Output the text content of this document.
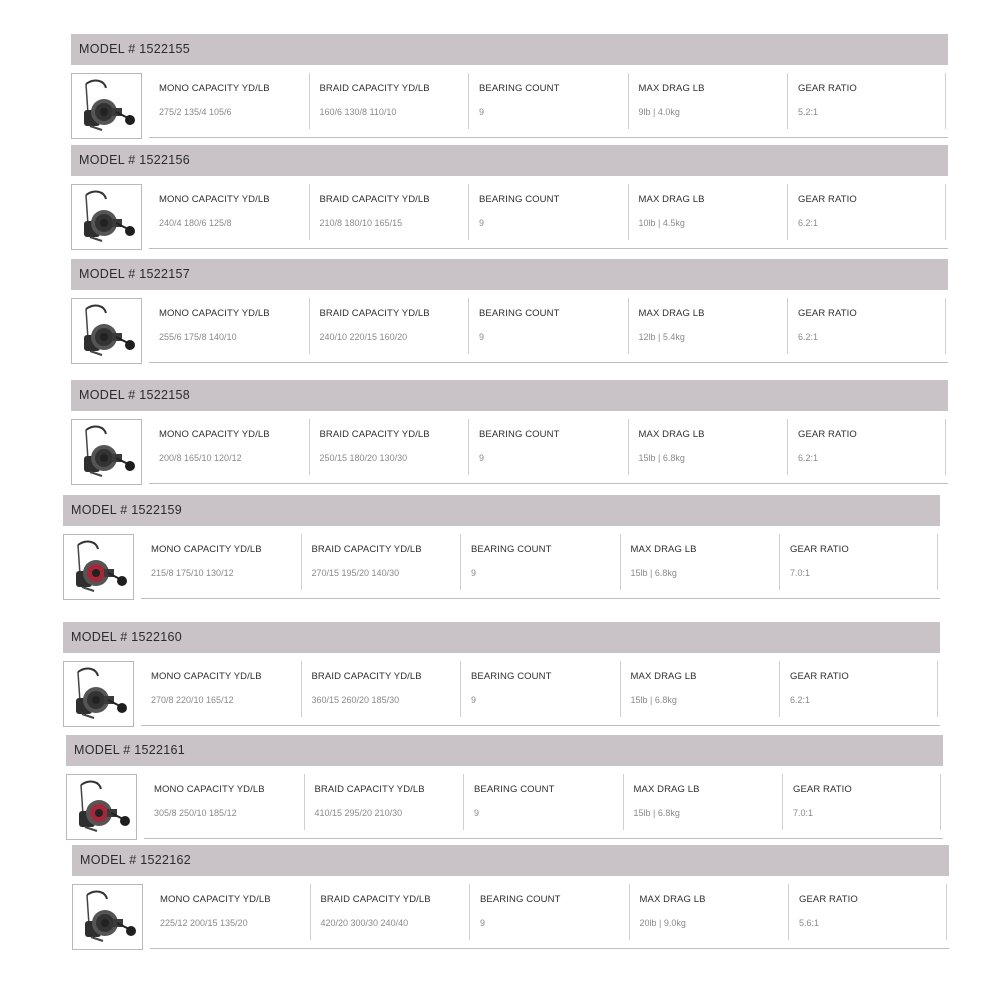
MODEL # 1522155
MONO CAPACITY YD/LB
275/2 135/4 105/6
BRAID CAPACITY YD/LB
160/6 130/8 110/10
BEARING COUNT
9
MAX DRAG LB
9lb | 4.0kg
GEAR RATIO
5.2:1
MODEL # 1522156
MONO CAPACITY YD/LB
240/4 180/6 125/8
BRAID CAPACITY YD/LB
210/8 180/10 165/15
BEARING COUNT
9
MAX DRAG LB
10lb | 4.5kg
GEAR RATIO
6.2:1
MODEL # 1522157
MONO CAPACITY YD/LB
255/6 175/8 140/10
BRAID CAPACITY YD/LB
240/10 220/15 160/20
BEARING COUNT
9
MAX DRAG LB
12lb | 5.4kg
GEAR RATIO
6.2:1
MODEL # 1522158
MONO CAPACITY YD/LB
200/8 165/10 120/12
BRAID CAPACITY YD/LB
250/15 180/20 130/30
BEARING COUNT
9
MAX DRAG LB
15lb | 6.8kg
GEAR RATIO
6.2:1
MODEL # 1522159
MONO CAPACITY YD/LB
215/8 175/10 130/12
BRAID CAPACITY YD/LB
270/15 195/20 140/30
BEARING COUNT
9
MAX DRAG LB
15lb | 6.8kg
GEAR RATIO
7.0:1
MODEL # 1522160
MONO CAPACITY YD/LB
270/8 220/10 165/12
BRAID CAPACITY YD/LB
360/15 260/20 185/30
BEARING COUNT
9
MAX DRAG LB
15lb | 6.8kg
GEAR RATIO
6.2:1
MODEL # 1522161
MONO CAPACITY YD/LB
305/8 250/10 185/12
BRAID CAPACITY YD/LB
410/15 295/20 210/30
BEARING COUNT
9
MAX DRAG LB
15lb | 6.8kg
GEAR RATIO
7.0:1
MODEL # 1522162
MONO CAPACITY YD/LB
225/12 200/15 135/20
BRAID CAPACITY YD/LB
420/20 300/30 240/40
BEARING COUNT
9
MAX DRAG LB
20lb | 9.0kg
GEAR RATIO
5.6:1
